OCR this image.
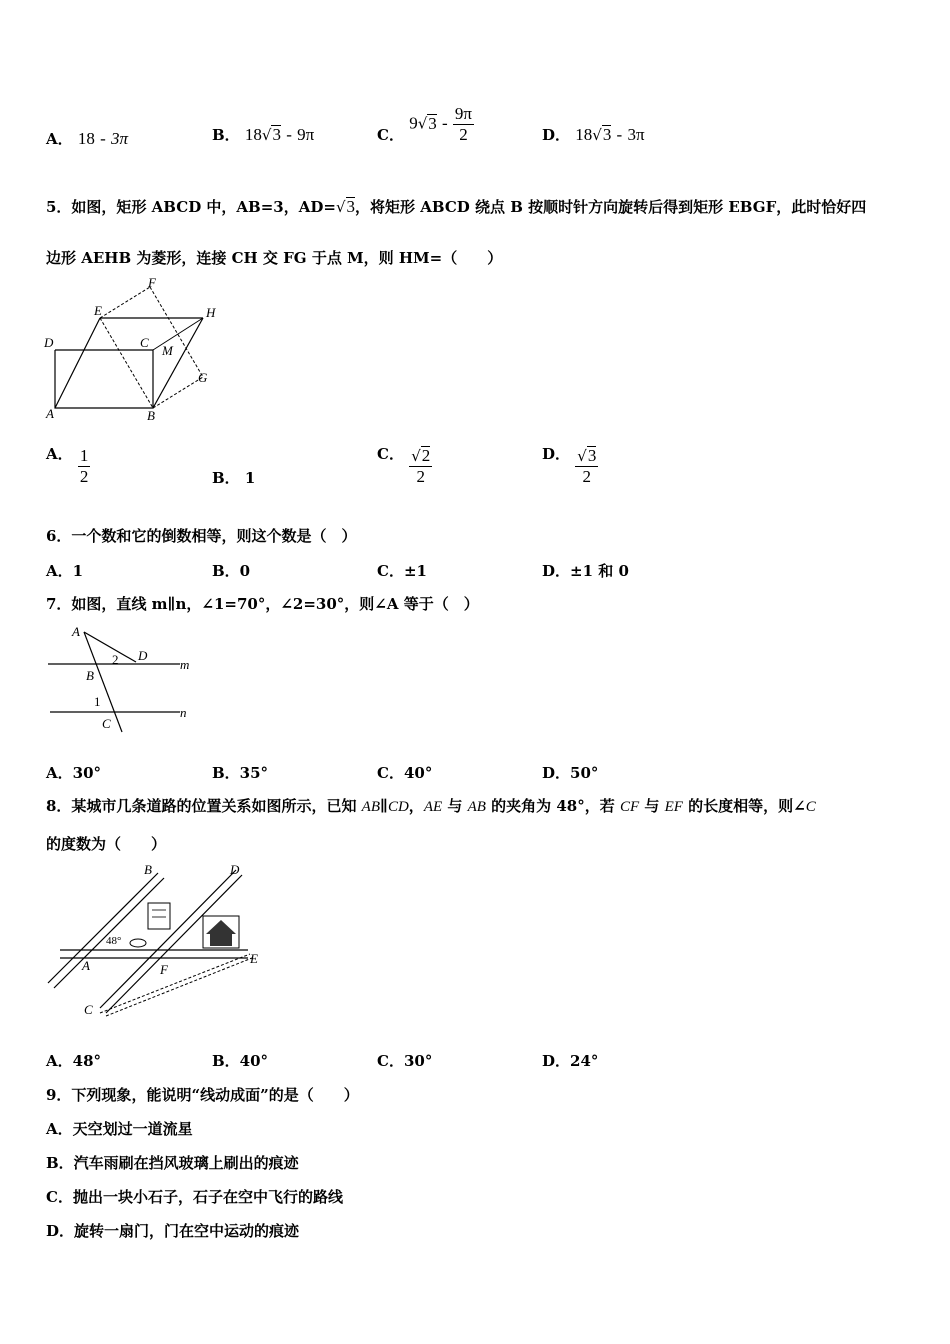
A． 18 - 3π	B． 18√3 - 9π	C． $9√3 - \frac{9\pi}{2}$	D． 18√3 - 3π
5．如图，矩形 ABCD 中，AB=3，AD=√3，将矩形 ABCD 绕点 B 按顺时针方向旋转后得到矩形 EBGF，此时恰好四
边形 AEHB 为菱形，连接 CH 交 FG 于点 M，则 HM=（　　）
D	C
E
F
H
M
G
A	B
A． $\frac{1}{2}$	B． 1
C． $\frac{√2}{2}$	D． $\frac{√3}{2}$
6．一个数和它的倒数相等，则这个数是（　）
A．1	B．0	C．±1	D．±1 和 0
7．如图，直线 m∥n，∠1=70°，∠2=30°，则∠A 等于（　）
A
D
m
2
B
1
n
C
A．30°	B．35°	C．40°	D．50°
8．某城市几条道路的位置关系如图所示，已知 AB∥CD，AE 与 AB 的夹角为 48°，若 CF 与 EF 的长度相等，则∠C
的度数为（　　）
B	D
48°
A	F
E
C
A．48°	B．40°	C．30°	D．24°
9．下列现象，能说明“线动成面”的是（　　）
A．天空划过一道流星
B．汽车雨刷在挡风玻璃上刷出的痕迹
C．抛出一块小石子，石子在空中飞行的路线
D．旋转一扇门，门在空中运动的痕迹
